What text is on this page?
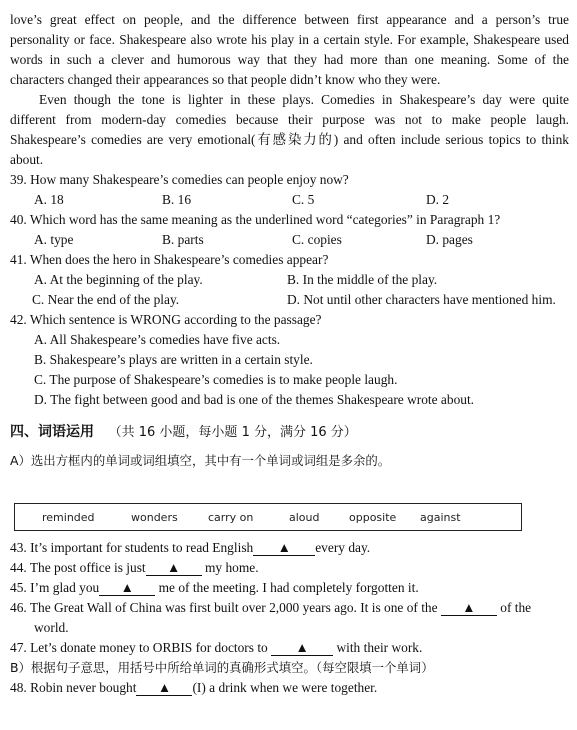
love’s great effect on people, and the difference between first appearance and a person’s true
personality or face. Shakespeare also wrote his play in a certain style. For example, Shakespeare used
words in such a clever and humorous way that they had more than one meaning. Some of the
characters changed their appearances so that people didn’t know who they were.
Even though the tone is lighter in these plays. Comedies in Shakespeare’s day were quite
different from modern-day comedies because their purpose was not to make people laugh.
Shakespeare’s comedies are very emotional(有感染力的) and often include serious topics to think
about.
39. How many Shakespeare’s comedies can people enjoy now?
A. 18	B. 16	C. 5	D. 2
40. Which word has the same meaning as the underlined word “categories” in Paragraph 1?
A. type	B. parts	C. copies	D. pages
41. When does the hero in Shakespeare’s comedies appear?
A. At the beginning of the play.	B. In the middle of the play.
C. Near the end of the play.	D. Not until other characters have mentioned him.
42. Which sentence is WRONG according to the passage?
A. All Shakespeare’s comedies have five acts.
B. Shakespeare’s plays are written in a certain style.
C. The purpose of Shakespeare’s comedies is to make people laugh.
D. The fight between good and bad is one of the themes Shakespeare wrote about.
四、词语运用 （共 16 小题，每小题 1 分，满分 16 分）
A）选出方框内的单词或词组填空，其中有一个单词或词组是多余的。
reminded	wonders	carry on	aloud	opposite against
43. It’s important for students to read English ▲ every day.
44. The post office is just ▲ my home.
45. I’m glad you ▲ me of the meeting. I had completely forgotten it.
46. The Great Wall of China was first built over 2,000 years ago. It is one of the ▲ of the
world.
47. Let’s donate money to ORBIS for doctors to ▲ with their work.
B）根据句子意思，用括号中所给单词的真确形式填空。（每空限填一个单词）
48. Robin never bought ▲ (I) a drink when we were together.
